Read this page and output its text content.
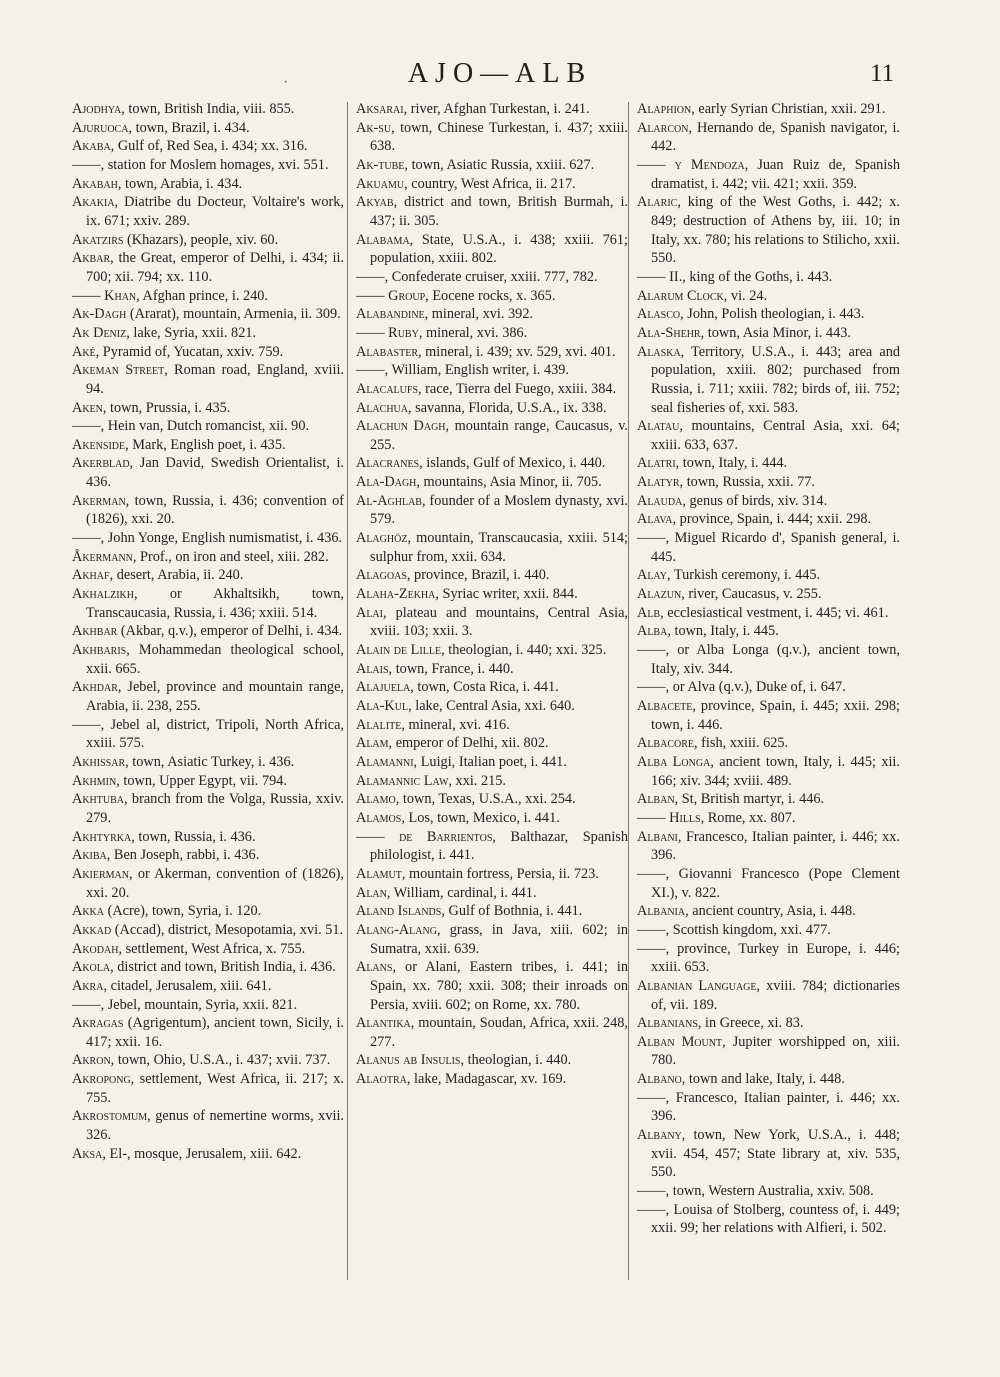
·	AJO—ALB	11

Ajodhya, town, British India, viii. 855.

Ajuruoca, town, Brazil, i. 434.

Akaba, Gulf of, Red Sea, i. 434; xx. 316.

——, station for Moslem homages, xvi. 551.

Akabah, town, Arabia, i. 434.

Akakia, Diatribe du Docteur, Voltaire's work, ix. 671; xxiv. 289.

Akatzirs (Khazars), people, xiv. 60.

Akbar, the Great, emperor of Delhi, i. 434; ii. 700; xii. 794; xx. 110.

—— Khan, Afghan prince, i. 240.

Ak-Dagh (Ararat), mountain, Armenia, ii. 309.

Ak Deniz, lake, Syria, xxii. 821.

Aké, Pyramid of, Yucatan, xxiv. 759.

Akeman Street, Roman road, England, xviii. 94.

Aken, town, Prussia, i. 435.

——, Hein van, Dutch romancist, xii. 90.

Akenside, Mark, English poet, i. 435.

Akerblad, Jan David, Swedish Orientalist, i. 436.

Akerman, town, Russia, i. 436; convention of (1826), xxi. 20.

——, John Yonge, English numismatist, i. 436.

Åkermann, Prof., on iron and steel, xiii. 282.

Akhaf, desert, Arabia, ii. 240.

Akhalzikh, or Akhaltsikh, town, Transcaucasia, Russia, i. 436; xxiii. 514.

Akhbar (Akbar, q.v.), emperor of Delhi, i. 434.

Akhbaris, Mohammedan theological school, xxii. 665.

Akhdar, Jebel, province and mountain range, Arabia, ii. 238, 255.

——, Jebel al, district, Tripoli, North Africa, xxiii. 575.

Akhissar, town, Asiatic Turkey, i. 436.

Akhmin, town, Upper Egypt, vii. 794.

Akhtuba, branch from the Volga, Russia, xxiv. 279.

Akhtyrka, town, Russia, i. 436.

Akiba, Ben Joseph, rabbi, i. 436.

Akierman, or Akerman, convention of (1826), xxi. 20.

Akka (Acre), town, Syria, i. 120.

Akkad (Accad), district, Mesopotamia, xvi. 51.

Akodah, settlement, West Africa, x. 755.

Akola, district and town, British India, i. 436.

Akra, citadel, Jerusalem, xiii. 641.

——, Jebel, mountain, Syria, xxii. 821.

Akragas (Agrigentum), ancient town, Sicily, i. 417; xxii. 16.

Akron, town, Ohio, U.S.A., i. 437; xvii. 737.

Akropong, settlement, West Africa, ii. 217; x. 755.

Akrostomum, genus of nemertine worms, xvii. 326.

Aksa, El-, mosque, Jerusalem, xiii. 642.

Aksarai, river, Afghan Turkestan, i. 241.

Ak-su, town, Chinese Turkestan, i. 437; xxiii. 638.

Ak-tube, town, Asiatic Russia, xxiii. 627.

Akuamu, country, West Africa, ii. 217.

Akyab, district and town, British Burmah, i. 437; ii. 305.

Alabama, State, U.S.A., i. 438; xxiii. 761; population, xxiii. 802.

——, Confederate cruiser, xxiii. 777, 782.

—— Group, Eocene rocks, x. 365.

Alabandine, mineral, xvi. 392.

—— Ruby, mineral, xvi. 386.

Alabaster, mineral, i. 439; xv. 529, xvi. 401.

——, William, English writer, i. 439.

Alacalufs, race, Tierra del Fuego, xxiii. 384.

Alachua, savanna, Florida, U.S.A., ix. 338.

Alachun Dagh, mountain range, Caucasus, v. 255.

Alacranes, islands, Gulf of Mexico, i. 440.

Ala-Dagh, mountains, Asia Minor, ii. 705.

Al-Aghlab, founder of a Moslem dynasty, xvi. 579.

Alaghöz, mountain, Transcaucasia, xxiii. 514; sulphur from, xxii. 634.

Alagoas, province, Brazil, i. 440.

Alaha-Zekha, Syriac writer, xxii. 844.

Alai, plateau and mountains, Central Asia, xviii. 103; xxii. 3.

Alain de Lille, theologian, i. 440; xxi. 325.

Alais, town, France, i. 440.

Alajuela, town, Costa Rica, i. 441.

Ala-Kul, lake, Central Asia, xxi. 640.

Alalite, mineral, xvi. 416.

Alam, emperor of Delhi, xii. 802.

Alamanni, Luigi, Italian poet, i. 441.

Alamannic Law, xxi. 215.

Alamo, town, Texas, U.S.A., xxi. 254.

Alamos, Los, town, Mexico, i. 441.

—— de Barrientos, Balthazar, Spanish philologist, i. 441.

Alamut, mountain fortress, Persia, ii. 723.

Alan, William, cardinal, i. 441.

Aland Islands, Gulf of Bothnia, i. 441.

Alang-Alang, grass, in Java, xiii. 602; in Sumatra, xxii. 639.

Alans, or Alani, Eastern tribes, i. 441; in Spain, xx. 780; xxii. 308; their inroads on Persia, xviii. 602; on Rome, xx. 780.

Alantika, mountain, Soudan, Africa, xxii. 248, 277.

Alanus ab Insulis, theologian, i. 440.

Alaotra, lake, Madagascar, xv. 169.

Alaphion, early Syrian Christian, xxii. 291.

Alarcon, Hernando de, Spanish navigator, i. 442.

—— y Mendoza, Juan Ruiz de, Spanish dramatist, i. 442; vii. 421; xxii. 359.

Alaric, king of the West Goths, i. 442; x. 849; destruction of Athens by, iii. 10; in Italy, xx. 780; his relations to Stilicho, xxii. 550.

—— II., king of the Goths, i. 443.

Alarum Clock, vi. 24.

Alasco, John, Polish theologian, i. 443.

Ala-Shehr, town, Asia Minor, i. 443.

Alaska, Territory, U.S.A., i. 443; area and population, xxiii. 802; purchased from Russia, i. 711; xxiii. 782; birds of, iii. 752; seal fisheries of, xxi. 583.

Alatau, mountains, Central Asia, xxi. 64; xxiii. 633, 637.

Alatri, town, Italy, i. 444.

Alatyr, town, Russia, xxii. 77.

Alauda, genus of birds, xiv. 314.

Alava, province, Spain, i. 444; xxii. 298.

——, Miguel Ricardo d', Spanish general, i. 445.

Alay, Turkish ceremony, i. 445.

Alazun, river, Caucasus, v. 255.

Alb, ecclesiastical vestment, i. 445; vi. 461.

Alba, town, Italy, i. 445.

——, or Alba Longa (q.v.), ancient town, Italy, xiv. 344.

——, or Alva (q.v.), Duke of, i. 647.

Albacete, province, Spain, i. 445; xxii. 298; town, i. 446.

Albacore, fish, xxiii. 625.

Alba Longa, ancient town, Italy, i. 445; xii. 166; xiv. 344; xviii. 489.

Alban, St, British martyr, i. 446.

—— Hills, Rome, xx. 807.

Albani, Francesco, Italian painter, i. 446; xx. 396.

——, Giovanni Francesco (Pope Clement XI.), v. 822.

Albania, ancient country, Asia, i. 448.

——, Scottish kingdom, xxi. 477.

——, province, Turkey in Europe, i. 446; xxiii. 653.

Albanian Language, xviii. 784; dictionaries of, vii. 189.

Albanians, in Greece, xi. 83.

Alban Mount, Jupiter worshipped on, xiii. 780.

Albano, town and lake, Italy, i. 448.

——, Francesco, Italian painter, i. 446; xx. 396.

Albany, town, New York, U.S.A., i. 448; xvii. 454, 457; State library at, xiv. 535, 550.

——, town, Western Australia, xxiv. 508.

——, Louisa of Stolberg, countess of, i. 449; xxii. 99; her relations with Alfieri, i. 502.
